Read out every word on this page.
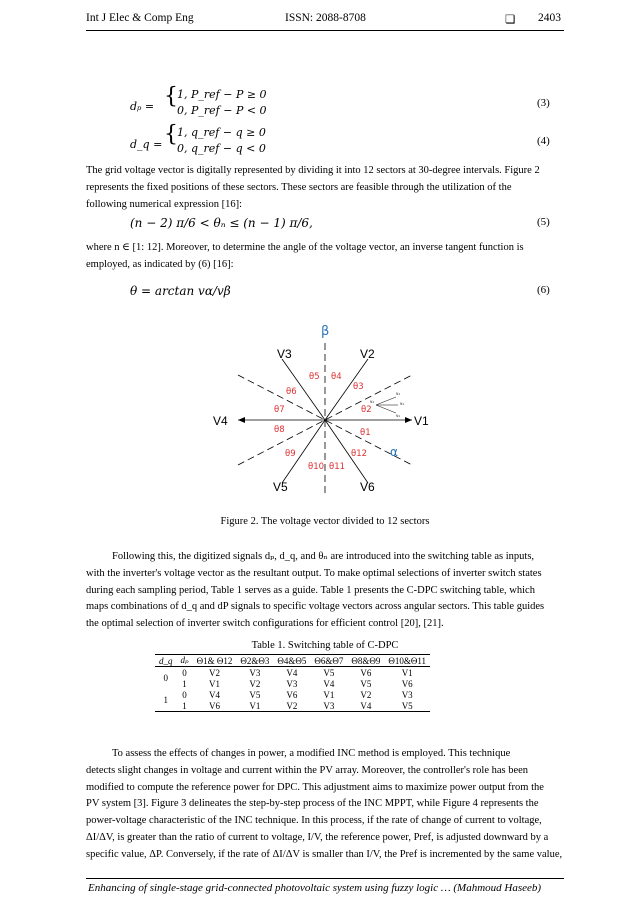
Int J Elec & Comp Eng	ISSN: 2088-8708	❏ 2403
dₚ = { 1, P_ref − P ≥ 0
0, P_ref − P < 0
(3)
d_q = { 1, q_ref − q ≥ 0
0, q_ref − q < 0
(4)
The grid voltage vector is digitally represented by dividing it into 12 sectors at 30-degree intervals. Figure 2
represents the fixed positions of these sectors. These sectors are feasible through the utilization of the
following numerical expression [16]:
(n − 2) π/6 < θₙ ≤ (n − 1) π/6,	(5)
where n ∈ [1: 12]. Moreover, to determine the angle of the voltage vector, an inverse tangent function is
employed, as indicated by (6) [16]:
θ = arctan vα/vβ	(6)
β
α
V1
V2
V3
V4
V5	V6
θ1
θ2
θ3
θ4
θ5
θ6
θ7
θ8
θ9
θ10 θ11
θ12
v₁
v₁
v₁
v₁
Figure 2. The voltage vector divided to 12 sectors
Following this, the digitized signals dₚ, d_q, and θₙ are introduced into the switching table as inputs,
with the inverter's voltage vector as the resultant output. To make optimal selections of inverter switch states
during each sampling period, Table 1 serves as a guide. Table 1 presents the C-DPC switching table, which
maps combinations of d_q and dP signals to specific voltage vectors across angular sectors. This table guides
the optimal selection of inverter switch configurations for efficient control [20], [21].
Table 1. Switching table of C-DPC
d_q	dₚ	Θ1& Θ12	Θ2&Θ3	Θ4&Θ5	Θ6&Θ7	Θ8&Θ9	Θ10&Θ11
0	0	V2	V3	V4	V5	V6	V1
	1	V1	V2	V3	V4	V5	V6
1	0	V4	V5	V6	V1	V2	V3
	1	V6	V1	V2	V3	V4	V5
To assess the effects of changes in power, a modified INC method is employed. This technique
detects slight changes in voltage and current within the PV array. Moreover, the controller's role has been
modified to compute the reference power for DPC. This adjustment aims to maximize power output from the
PV system [3]. Figure 3 delineates the step-by-step process of the INC MPPT, while Figure 4 represents the
power-voltage characteristic of the INC technique. In this process, if the rate of change of current to voltage,
ΔI/ΔV, is greater than the ratio of current to voltage, I/V, the reference power, Pref, is adjusted downward by a
specific value, ΔP. Conversely, if the rate of ΔI/ΔV is smaller than I/V, the Pref is incremented by the same value,
Enhancing of single-stage grid-connected photovoltaic system using fuzzy logic … (Mahmoud Haseeb)
